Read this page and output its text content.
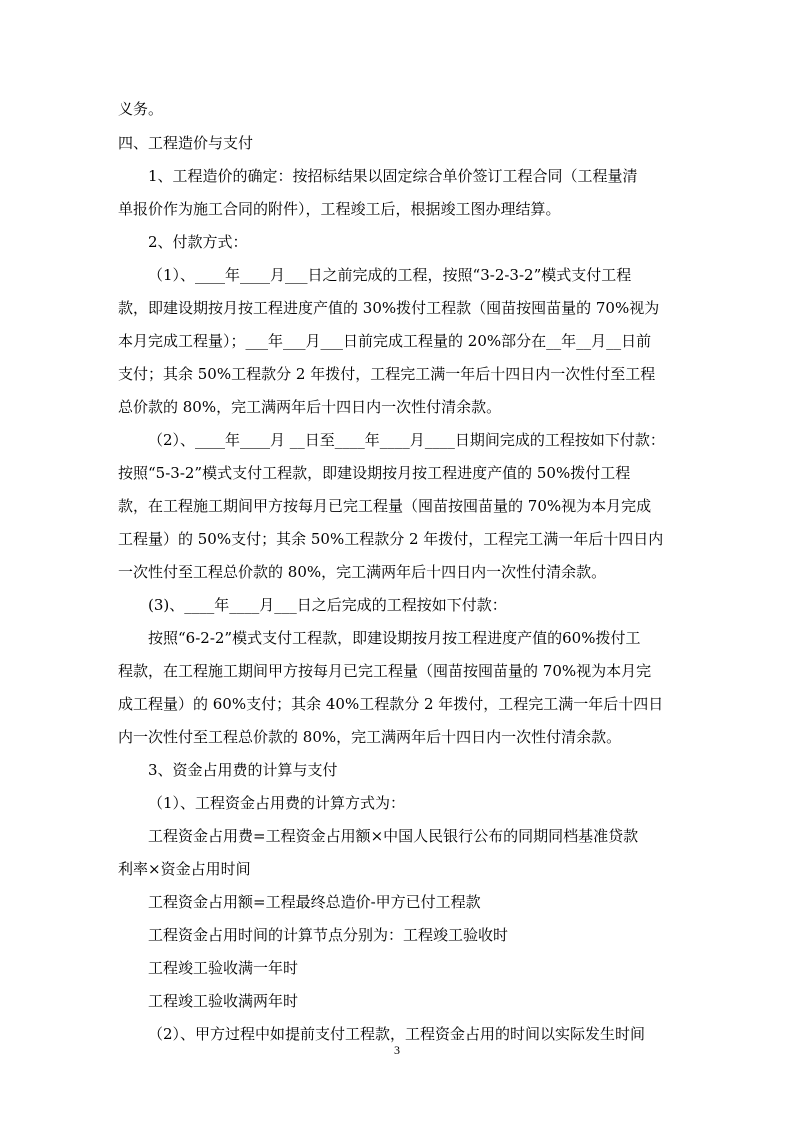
义务。
四、工程造价与支付
1、工程造价的确定：按招标结果以固定综合单价签订工程合同（工程量清
单报价作为施工合同的附件），工程竣工后，根据竣工图办理结算。
2、付款方式：
（1）、____年____月___日之前完成的工程，按照“3-2-3-2”模式支付工程
款，即建设期按月按工程进度产值的 30%拨付工程款（囤苗按囤苗量的 70%视为
本月完成工程量）；___年___月___日前完成工程量的 20%部分在__年__月__日前
支付；其余 50%工程款分 2 年拨付，工程完工满一年后十四日内一次性付至工程
总价款的 80%，完工满两年后十四日内一次性付清余款。
（2）、____年____月 __日至____年____月____日期间完成的工程按如下付款：
按照“5-3-2”模式支付工程款，即建设期按月按工程进度产值的 50%拨付工程
款，在工程施工期间甲方按每月已完工程量（囤苗按囤苗量的 70%视为本月完成
工程量）的 50%支付；其余 50%工程款分 2 年拨付，工程完工满一年后十四日内
一次性付至工程总价款的 80%，完工满两年后十四日内一次性付清余款。
(3)、____年____月___日之后完成的工程按如下付款：
按照“6-2-2”模式支付工程款，即建设期按月按工程进度产值的60%拨付工
程款，在工程施工期间甲方按每月已完工程量（囤苗按囤苗量的 70%视为本月完
成工程量）的 60%支付；其余 40%工程款分 2 年拨付，工程完工满一年后十四日
内一次性付至工程总价款的 80%，完工满两年后十四日内一次性付清余款。
3、资金占用费的计算与支付
（1）、工程资金占用费的计算方式为：
工程资金占用费=工程资金占用额×中国人民银行公布的同期同档基准贷款
利率×资金占用时间
工程资金占用额=工程最终总造价-甲方已付工程款
工程资金占用时间的计算节点分别为：工程竣工验收时
工程竣工验收满一年时
工程竣工验收满两年时
（2）、甲方过程中如提前支付工程款，工程资金占用的时间以实际发生时间
3
